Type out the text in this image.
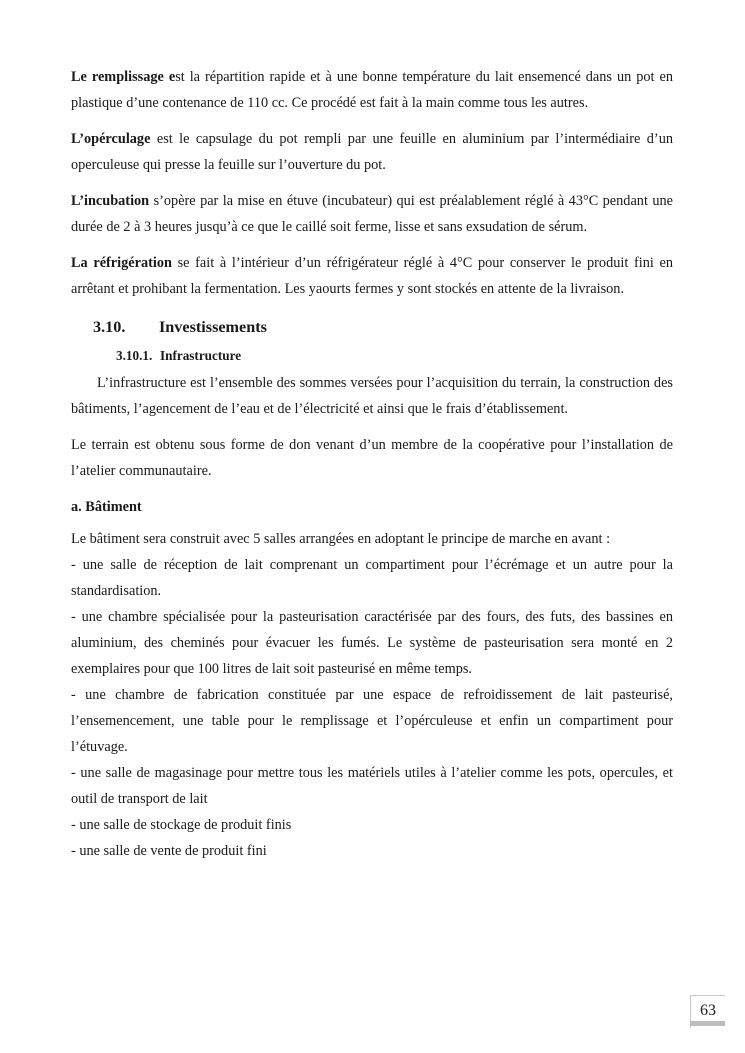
Le remplissage est la répartition rapide et à une bonne température du lait ensemencé dans un pot en plastique d’une contenance de 110 cc. Ce procédé est fait à la main comme tous les autres.

L’opérculage est le capsulage du pot rempli par une feuille en aluminium par l’intermédiaire d’un operculeuse qui presse la feuille sur l’ouverture du pot.

L’incubation s’opère par la mise en étuve (incubateur) qui est préalablement réglé à 43°C pendant une durée de 2 à 3 heures jusqu’à ce que le caillé soit ferme, lisse et sans exsudation de sérum.

La réfrigération se fait à l’intérieur d’un réfrigérateur réglé à 4°C pour conserver le produit fini en arrêtant et prohibant la fermentation. Les yaourts fermes y sont stockés en attente de la livraison.

3.10. Investissements
3.10.1. Infrastructure

L’infrastructure est l’ensemble des sommes versées pour l’acquisition du terrain, la construction des bâtiments, l’agencement de l’eau et de l’électricité et ainsi que le frais d’établissement.

Le terrain est obtenu sous forme de don venant d’un membre de la coopérative pour l’installation de l’atelier communautaire.

a. Bâtiment

Le bâtiment sera construit avec 5 salles arrangées en adoptant le principe de marche en avant :

- une salle de réception de lait comprenant un compartiment pour l’écrémage et un autre pour la standardisation.

- une chambre spécialisée pour la pasteurisation caractérisée par des fours, des futs, des bassines en aluminium, des cheminés pour évacuer les fumés. Le système de pasteurisation sera monté en 2 exemplaires pour que 100 litres de lait soit pasteurisé en même temps.

- une chambre de fabrication constituée par une espace de refroidissement de lait pasteurisé, l’ensemencement, une table pour le remplissage et l’opérculeuse et enfin un compartiment pour l’étuvage.

- une salle de magasinage pour mettre tous les matériels utiles à l’atelier comme les pots, opercules, et outil de transport de lait

- une salle de stockage de produit finis

- une salle de vente de produit fini

63
